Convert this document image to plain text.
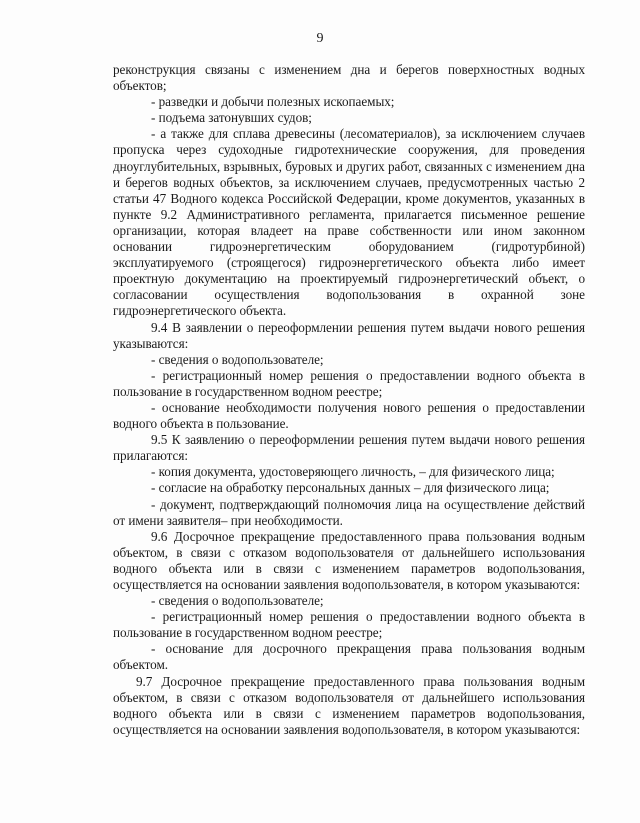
9

реконструкция связаны с изменением дна и берегов поверхностных водных объектов;

- разведки и добычи полезных ископаемых;

- подъема затонувших судов;

- а также для сплава древесины (лесоматериалов), за исключением случаев пропуска через судоходные гидротехнические сооружения, для проведения дноуглубительных, взрывных, буровых и других работ, связанных с изменением дна и берегов водных объектов, за исключением случаев, предусмотренных частью 2 статьи 47 Водного кодекса Российской Федерации, кроме документов, указанных в пункте 9.2 Административного регламента, прилагается письменное решение организации, которая владеет на праве собственности или ином законном основании гидроэнергетическим оборудованием (гидротурбиной) эксплуатируемого (строящегося) гидроэнергетического объекта либо имеет проектную документацию на проектируемый гидроэнергетический объект, о согласовании осуществления водопользования в охранной зоне гидроэнергетического объекта.

9.4 В заявлении о переоформлении решения путем выдачи нового решения указываются:

- сведения о водопользователе;

- регистрационный номер решения о предоставлении водного объекта в пользование в государственном водном реестре;

- основание необходимости получения нового решения о предоставлении водного объекта в пользование.

9.5 К заявлению о переоформлении решения путем выдачи нового решения прилагаются:

- копия документа, удостоверяющего личность, – для физического лица;

- согласие на обработку персональных данных – для физического лица;

- документ, подтверждающий полномочия лица на осуществление действий от имени заявителя– при необходимости.

9.6 Досрочное прекращение предоставленного права пользования водным объектом, в связи с отказом водопользователя от дальнейшего использования водного объекта или в связи с изменением параметров водопользования, осуществляется на основании заявления водопользователя, в котором указываются:

- сведения о водопользователе;

- регистрационный номер решения о предоставлении водного объекта в пользование в государственном водном реестре;

- основание для досрочного прекращения права пользования водным объектом.

9.7 Досрочное прекращение предоставленного права пользования водным объектом, в связи с отказом водопользователя от дальнейшего использования водного объекта или в связи с изменением параметров водопользования, осуществляется на основании заявления водопользователя, в котором указываются:
